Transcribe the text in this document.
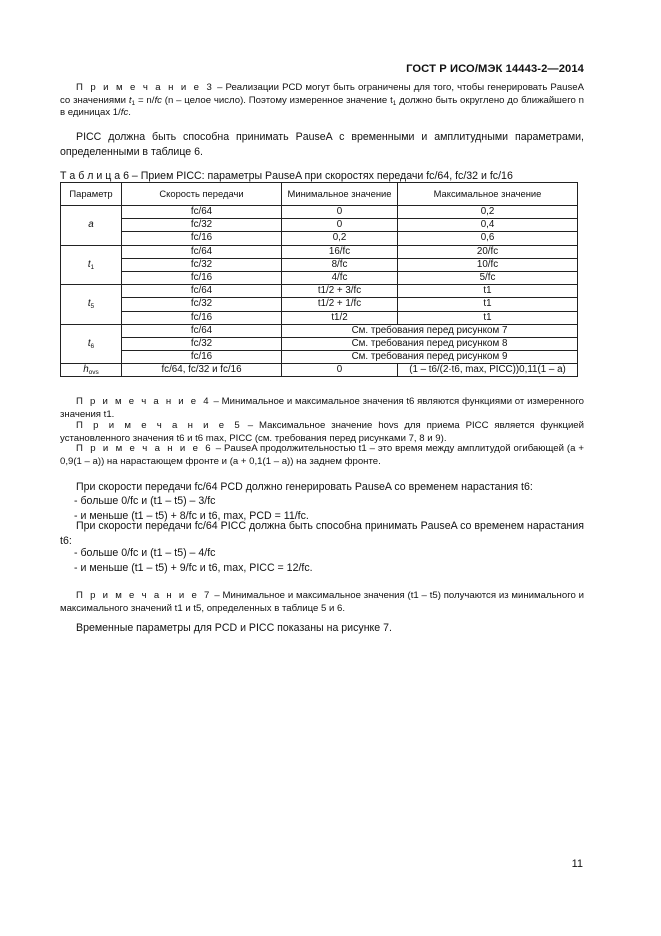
ГОСТ Р ИСО/МЭК 14443-2—2014
П р и м е ч а н и е 3 – Реализации PCD могут быть ограничены для того, чтобы генерировать PauseA со значениями $t_1 = n/fc$ (n – целое число). Поэтому измеренное значение $t_1$ должно быть округлено до ближайшего n в единицах 1/fc.
PICC должна быть способна принимать PauseA с временными и амплитудными параметрами, определенными в таблице 6.
Т а б л и ц а 6 – Прием PICC: параметры PauseA при скоростях передачи fc/64, fc/32 и fc/16
Параметр	Скорость передачи	Минимальное значение	Максимальное значение
a	fc/64	0	0,2
	fc/32	0	0,4
	fc/16	0,2	0,6
$t_1$	fc/64	16/fc	20/fc
	fc/32	8/fc	10/fc
	fc/16	4/fc	5/fc
$t_5$	fc/64	t1/2 + 3/fc	t1
	fc/32	t1/2 + 1/fc	t1
	fc/16	t1/2	t1
$t_6$	fc/64	См. требования перед рисунком 7	
	fc/32	См. требования перед рисунком 8	
	fc/16	См. требования перед рисунком 9	
$h_{ovs}$	fc/64, fc/32 и fc/16	0	(1 – t6/(2·t6, max, PICC))0,11(1 – a)
П р и м е ч а н и е 4 – Минимальное и максимальное значения t6 являются функциями от измеренного значения t1.
П р и м е ч а н и е 5 – Максимальное значение hovs для приема PICC является функцией установленного значения t6 и t6 max, PICC (см. требования перед рисунками 7, 8 и 9).
П р и м е ч а н и е 6 – PauseA продолжительностью t1 – это время между амплитудой огибающей (a + 0,9(1 – a)) на нарастающем фронте и (a + 0,1(1 – a)) на заднем фронте.
При скорости передачи fc/64 PCD должно генерировать PauseA со временем нарастания t6:
- больше 0/fc и (t1 – t5) – 3/fc
- и меньше (t1 – t5) + 8/fc и t6, max, PCD = 11/fc.
При скорости передачи fc/64 PICC должна быть способна принимать PauseA со временем нарастания t6:
- больше 0/fc и (t1 – t5) – 4/fc
- и меньше (t1 – t5) + 9/fc и t6, max, PICC = 12/fc.
П р и м е ч а н и е 7 – Минимальное и максимальное значения (t1 – t5) получаются из минимального и максимального значений t1 и t5, определенных в таблице 5 и 6.
Временные параметры для PCD и PICC показаны на рисунке 7.
11
